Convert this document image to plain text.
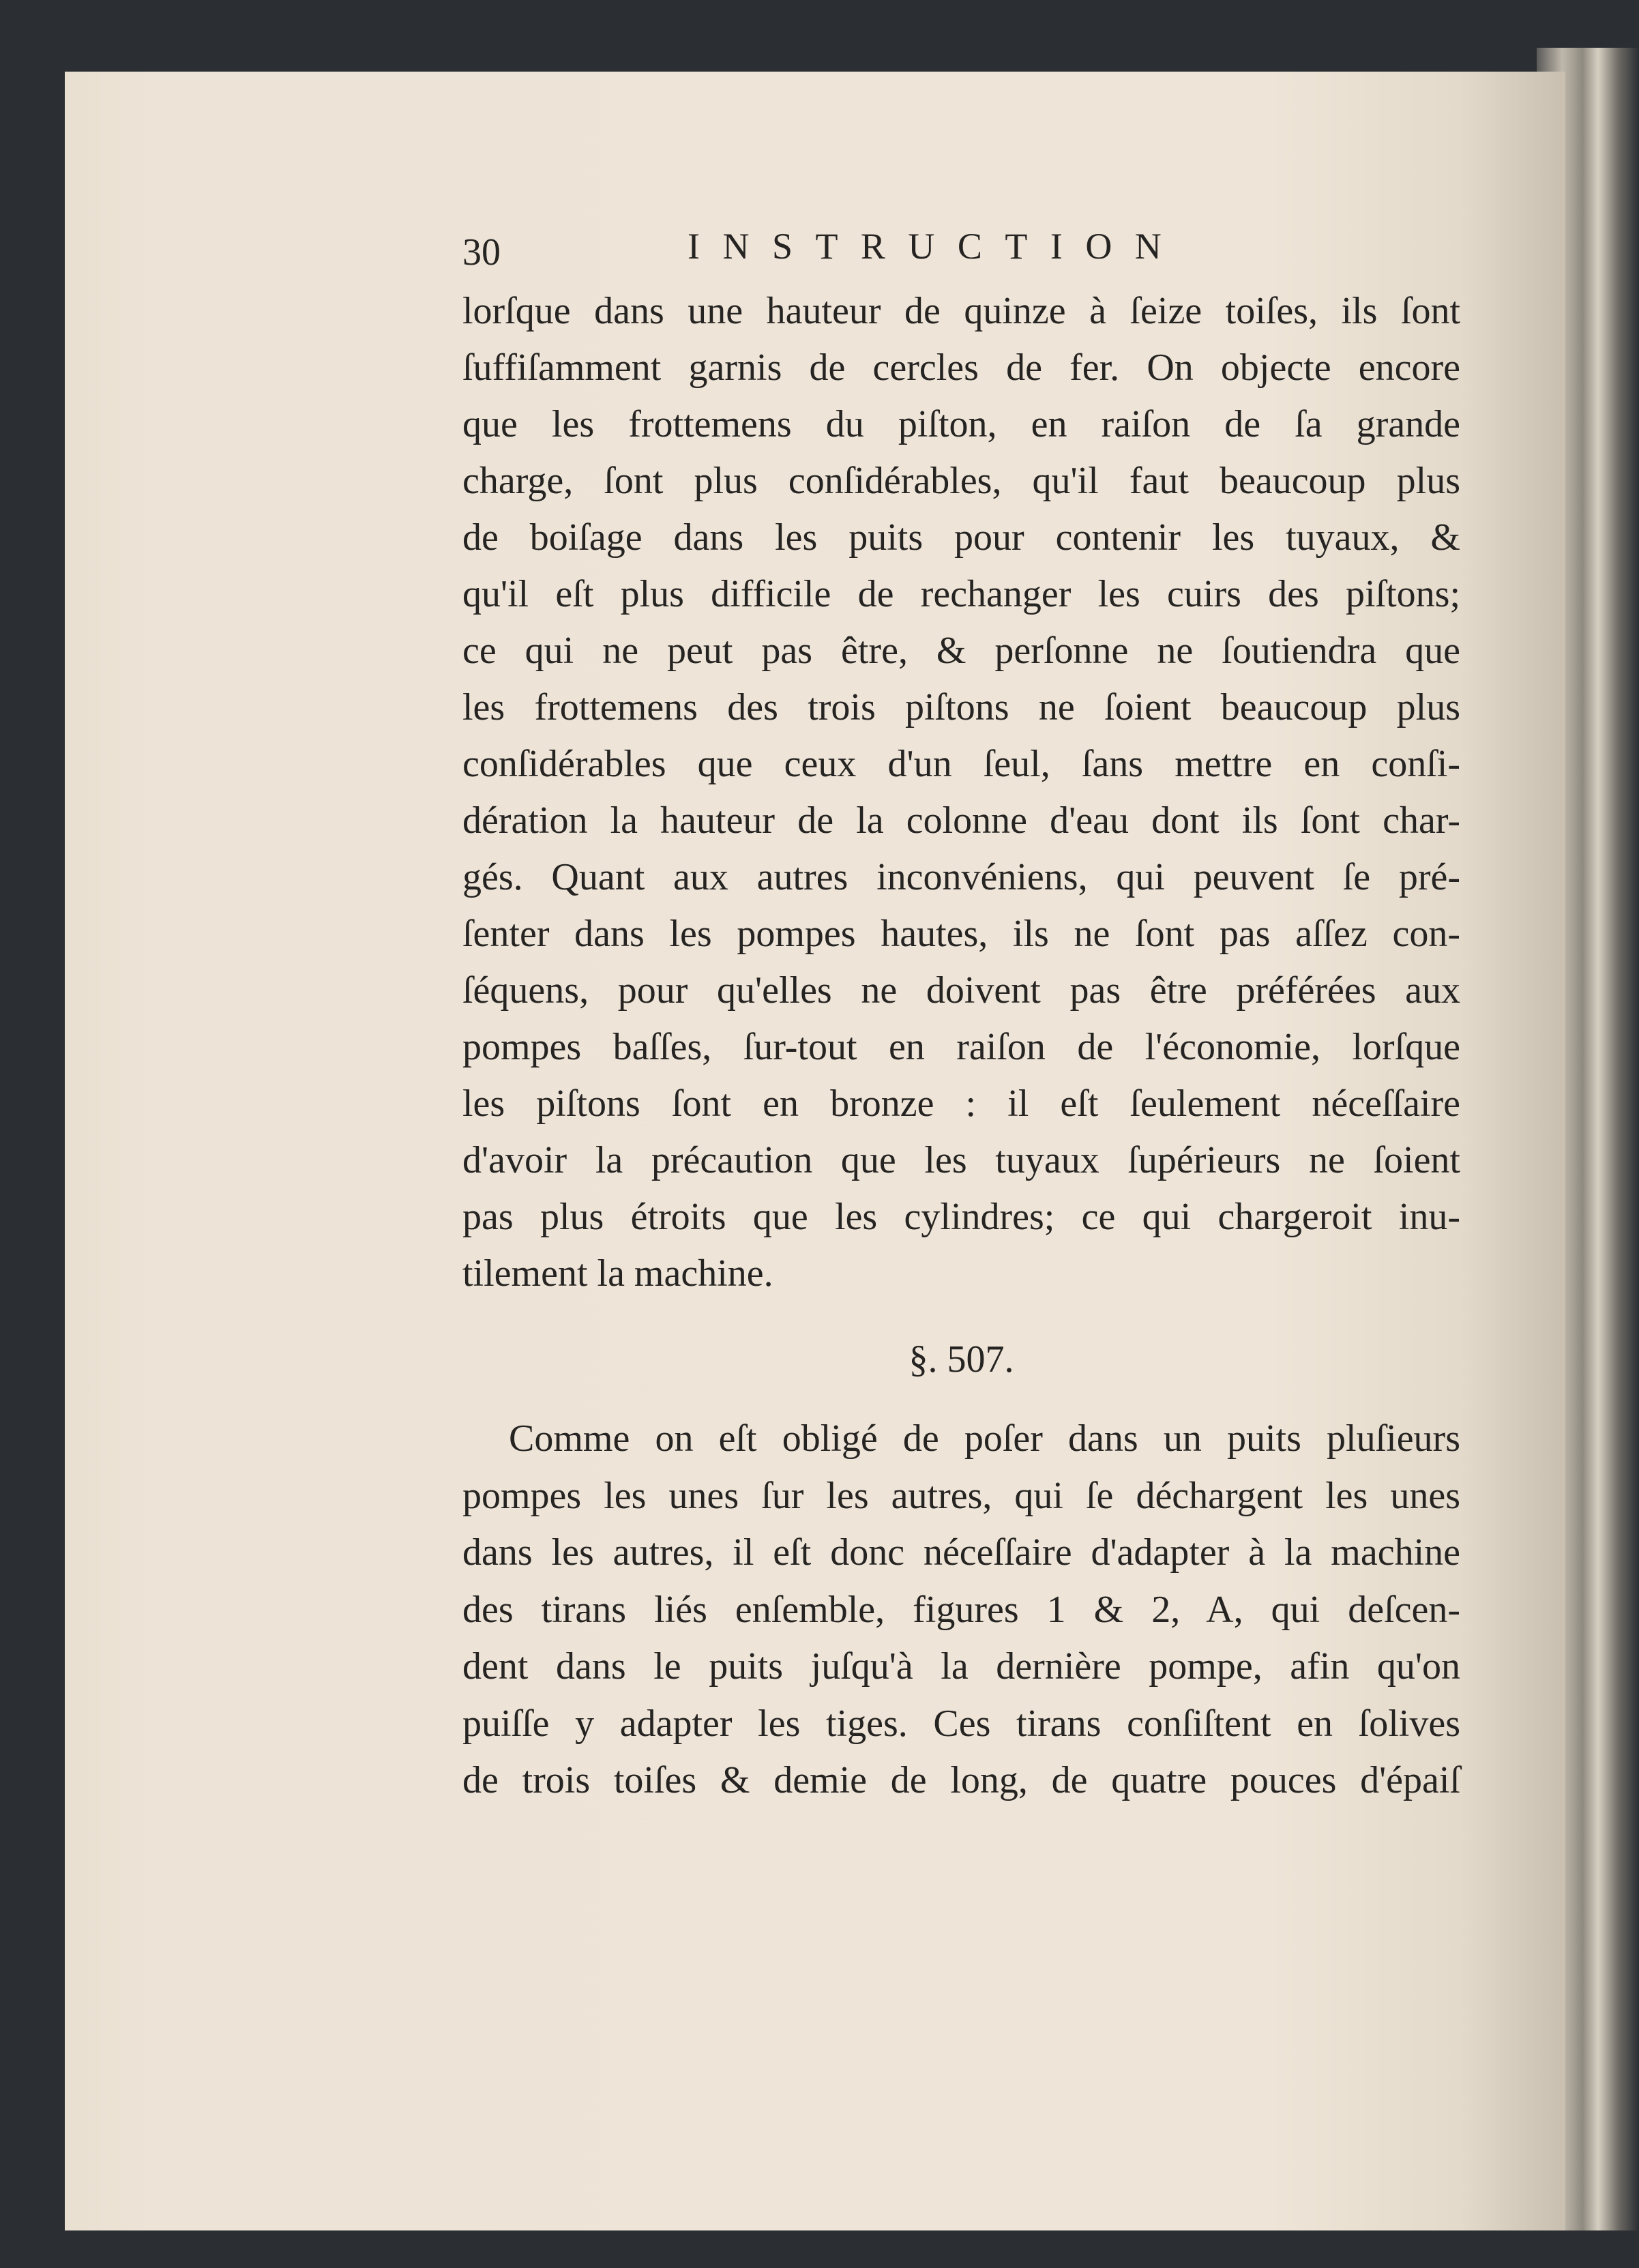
30	INSTRUCTION
lorſque dans une hauteur de quinze à ſeize toiſes, ils ſont
ſuffiſamment garnis de cercles de fer. On objecte encore
que les frottemens du piſton, en raiſon de ſa grande
charge, ſont plus conſidérables, qu'il faut beaucoup plus
de boiſage dans les puits pour contenir les tuyaux, &
qu'il eſt plus difficile de rechanger les cuirs des piſtons;
ce qui ne peut pas être, & perſonne ne ſoutiendra que
les frottemens des trois piſtons ne ſoient beaucoup plus
conſidérables que ceux d'un ſeul, ſans mettre en conſi-
dération la hauteur de la colonne d'eau dont ils ſont char-
gés. Quant aux autres inconvéniens, qui peuvent ſe pré-
ſenter dans les pompes hautes, ils ne ſont pas aſſez con-
ſéquens, pour qu'elles ne doivent pas être préférées aux
pompes baſſes, ſur-tout en raiſon de l'économie, lorſque
les piſtons ſont en bronze : il eſt ſeulement néceſſaire
d'avoir la précaution que les tuyaux ſupérieurs ne ſoient
pas plus étroits que les cylindres; ce qui chargeroit inu-
tilement la machine.
§. 507.
Comme on eſt obligé de poſer dans un puits pluſieurs
pompes les unes ſur les autres, qui ſe déchargent les unes
dans les autres, il eſt donc néceſſaire d'adapter à la machine
des tirans liés enſemble, figures 1 & 2, A, qui deſcen-
dent dans le puits juſqu'à la dernière pompe, afin qu'on
puiſſe y adapter les tiges. Ces tirans conſiſtent en ſolives
de trois toiſes & demie de long, de quatre pouces d'épaiſ
